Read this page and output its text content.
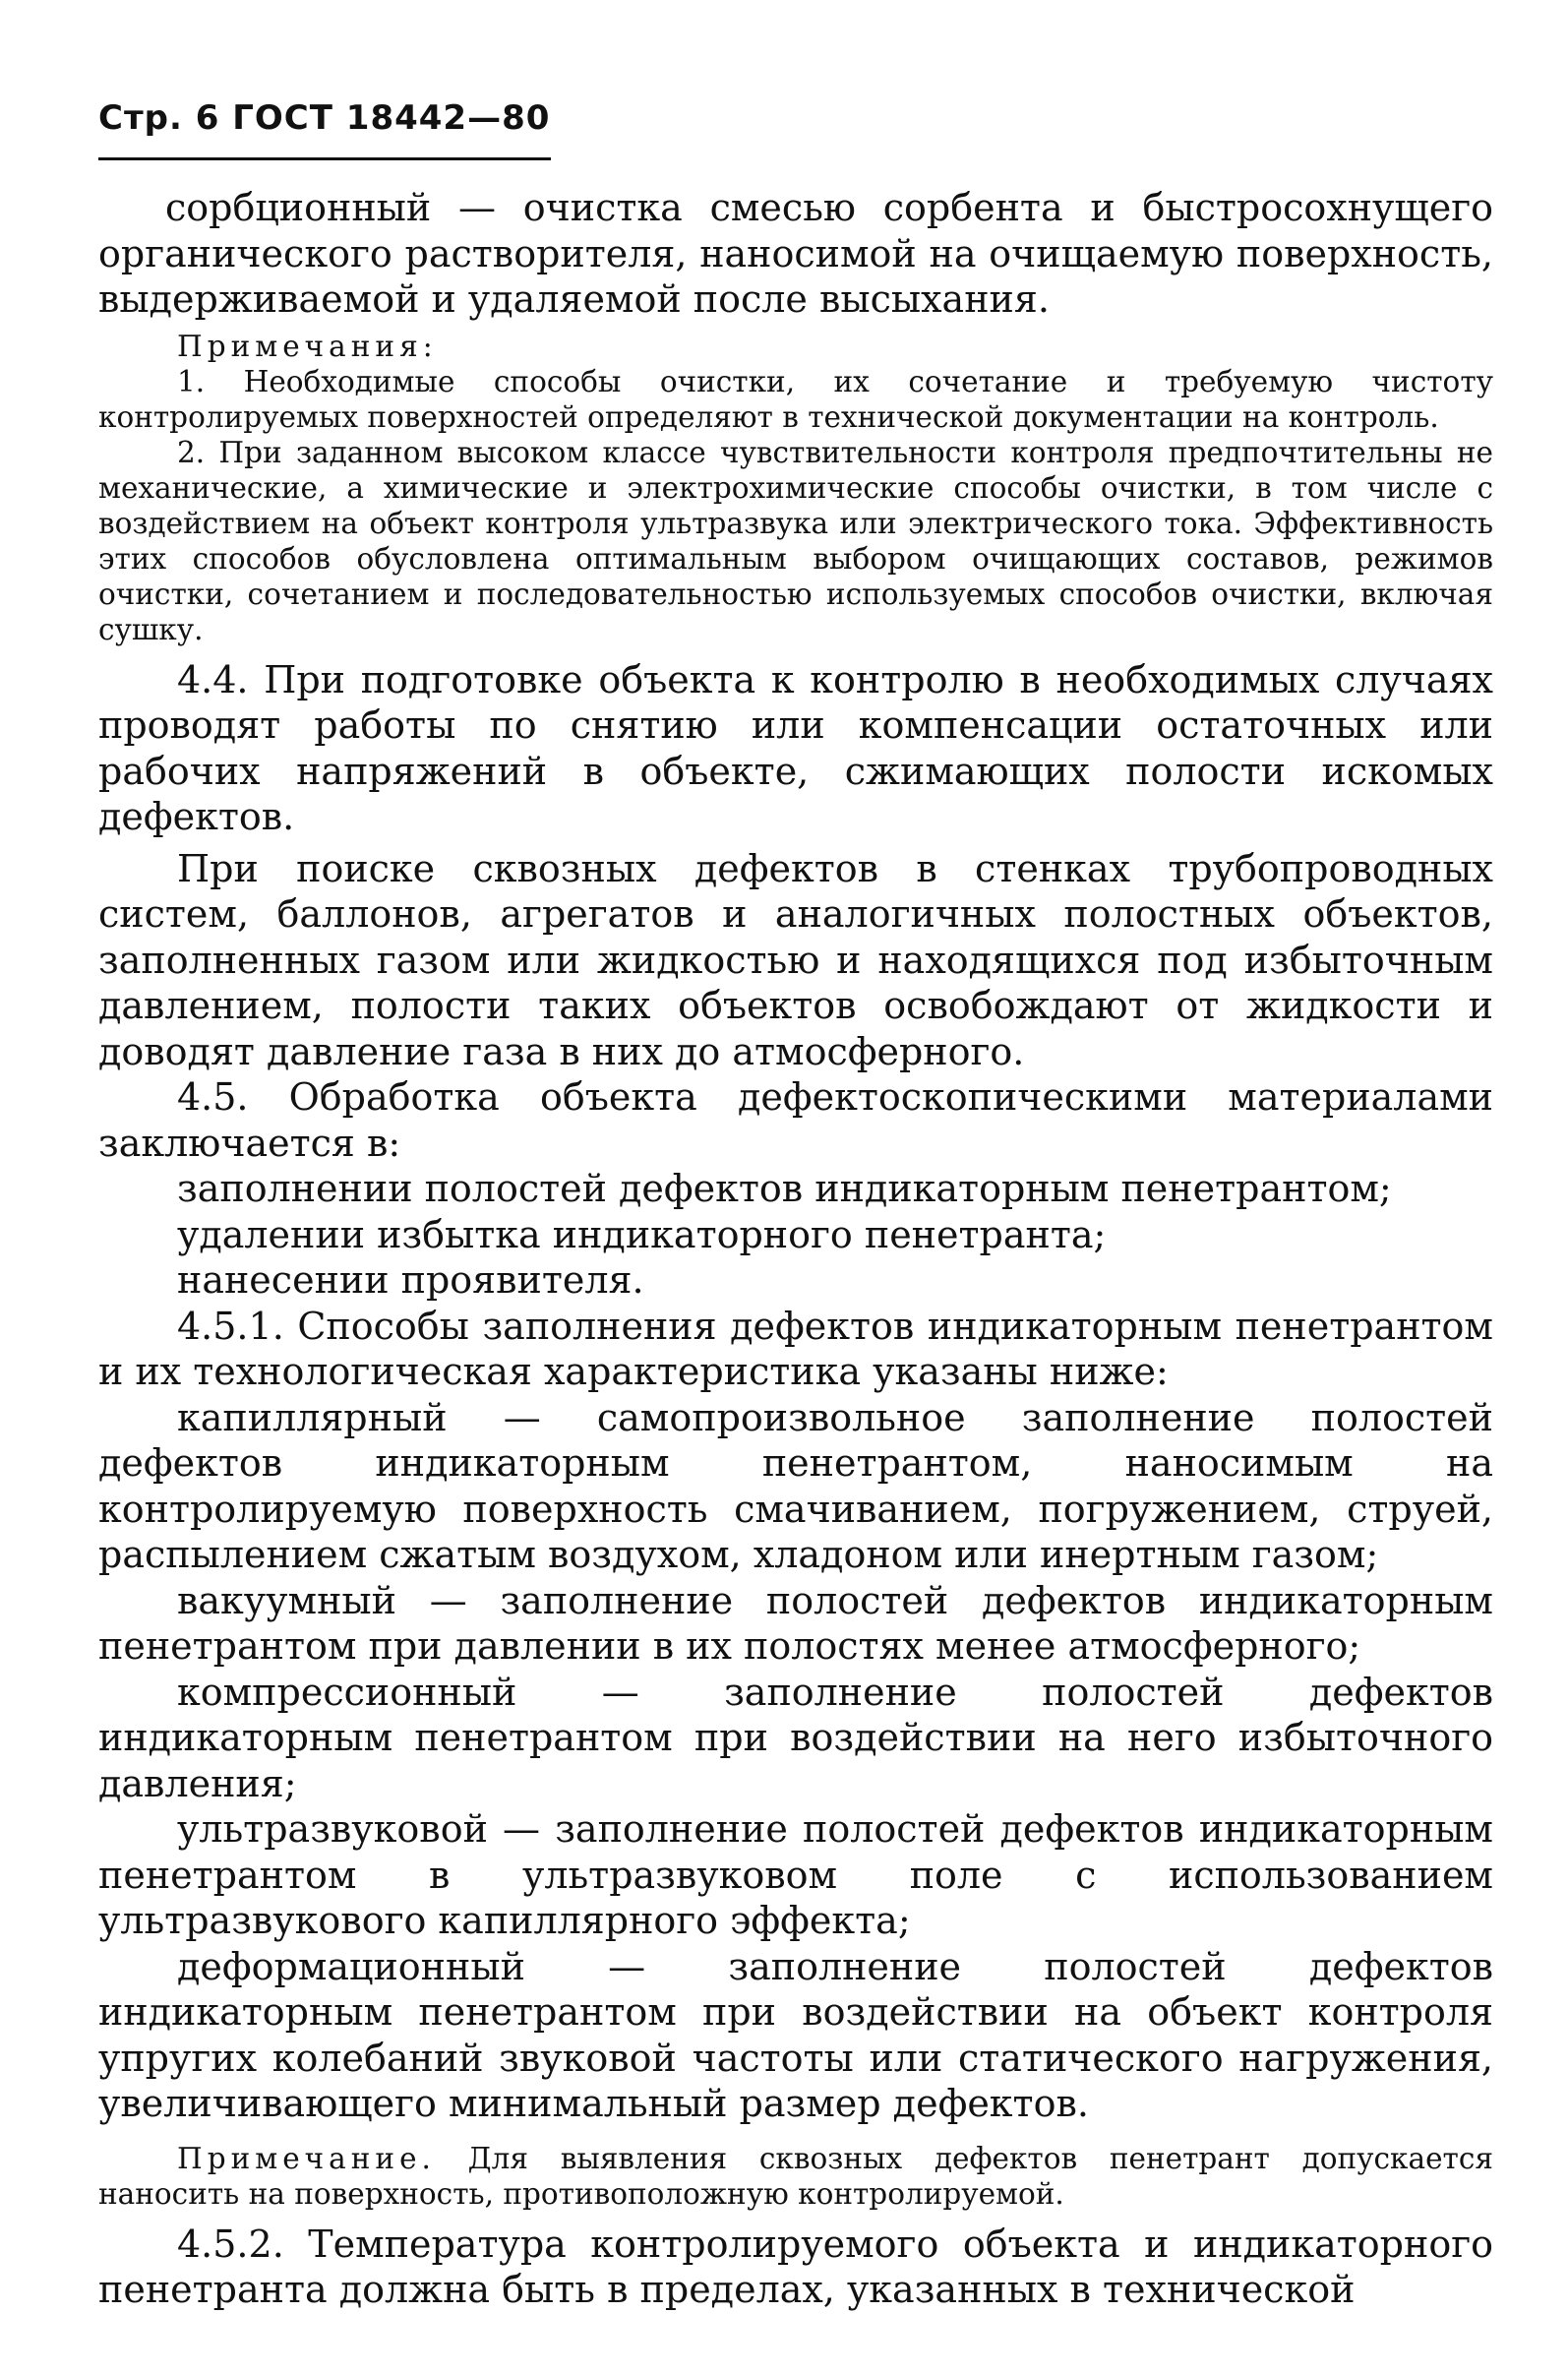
Стр. 6 ГОСТ 18442—80

сорбционный — очистка смесью сорбента и быстросохнущего органического растворителя, наносимой на очищаемую поверхность, выдерживаемой и удаляемой после высыхания.

Примечания:

1. Необходимые способы очистки, их сочетание и требуемую чистоту контролируемых поверхностей определяют в технической документации на контроль.

2. При заданном высоком классе чувствительности контроля предпочтительны не механические, а химические и электрохимические способы очистки, в том числе с воздействием на объект контроля ультразвука или электрического тока. Эффективность этих способов обусловлена оптимальным выбором очищающих составов, режимов очистки, сочетанием и последовательностью используемых способов очистки, включая сушку.

4.4. При подготовке объекта к контролю в необходимых случаях проводят работы по снятию или компенсации остаточных или рабочих напряжений в объекте, сжимающих полости искомых дефектов.

При поиске сквозных дефектов в стенках трубопроводных систем, баллонов, агрегатов и аналогичных полостных объектов, заполненных газом или жидкостью и находящихся под избыточным давлением, полости таких объектов освобождают от жидкости и доводят давление газа в них до атмосферного.

4.5. Обработка объекта дефектоскопическими материалами заключается в:

заполнении полостей дефектов индикаторным пенетрантом;

удалении избытка индикаторного пенетранта;

нанесении проявителя.

4.5.1. Способы заполнения дефектов индикаторным пенетрантом и их технологическая характеристика указаны ниже:

капиллярный — самопроизвольное заполнение полостей дефектов индикаторным пенетрантом, наносимым на контролируемую поверхность смачиванием, погружением, струей, распылением сжатым воздухом, хладоном или инертным газом;

вакуумный — заполнение полостей дефектов индикаторным пенетрантом при давлении в их полостях менее атмосферного;

компрессионный — заполнение полостей дефектов индикаторным пенетрантом при воздействии на него избыточного давления;

ультразвуковой — заполнение полостей дефектов индикаторным пенетрантом в ультразвуковом поле с использованием ультразвукового капиллярного эффекта;

деформационный — заполнение полостей дефектов индикаторным пенетрантом при воздействии на объект контроля упругих колебаний звуковой частоты или статического нагружения, увеличивающего минимальный размер дефектов.

Примечание. Для выявления сквозных дефектов пенетрант допускается наносить на поверхность, противоположную контролируемой.

4.5.2. Температура контролируемого объекта и индикаторного пенетранта должна быть в пределах, указанных в технической
